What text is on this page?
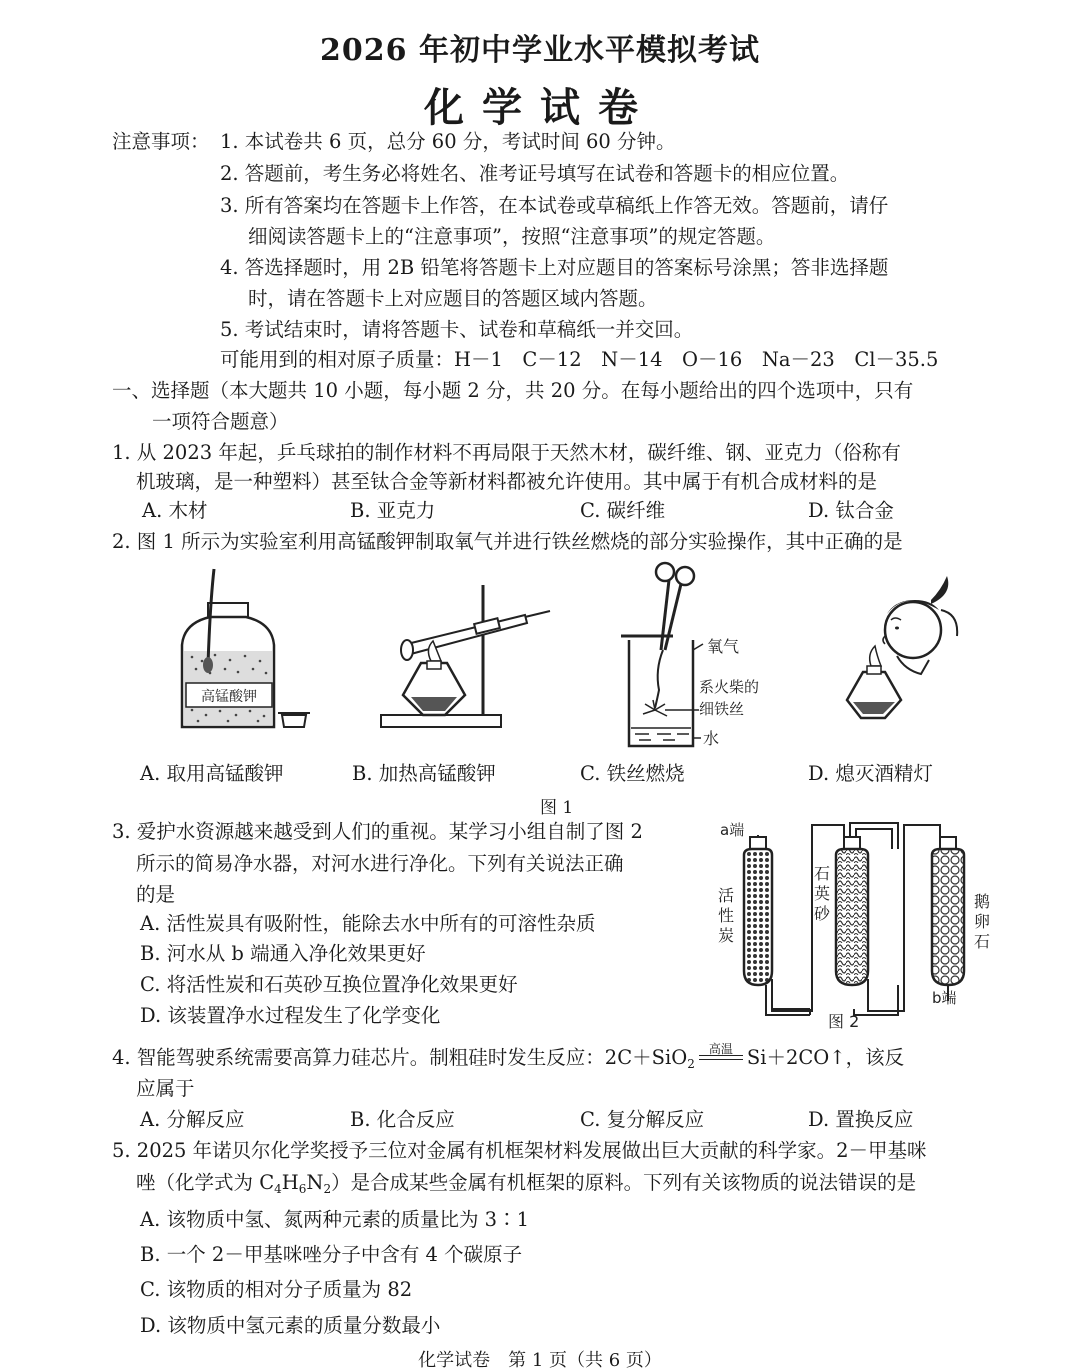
2026 年初中学业水平模拟考试
化学试卷
注意事项： 1. 本试卷共 6 页，总分 60 分，考试时间 60 分钟。
2. 答题前，考生务必将姓名、准考证号填写在试卷和答题卡的相应位置。
3. 所有答案均在答题卡上作答，在本试卷或草稿纸上作答无效。答题前，请仔
细阅读答题卡上的“注意事项”，按照“注意事项”的规定答题。
4. 答选择题时，用 2B 铅笔将答题卡上对应题目的答案标号涂黑；答非选择题
时，请在答题卡上对应题目的答题区域内答题。
5. 考试结束时，请将答题卡、试卷和草稿纸一并交回。
可能用到的相对原子质量：H－1　C－12　N－14　O－16　Na－23　Cl－35.5
一、选择题（本大题共 10 小题，每小题 2 分，共 20 分。在每小题给出的四个选项中，只有
一项符合题意）
1. 从 2023 年起，乒乓球拍的制作材料不再局限于天然木材，碳纤维、钢、亚克力（俗称有
机玻璃，是一种塑料）甚至钛合金等新材料都被允许使用。其中属于有机合成材料的是
A. 木材	B. 亚克力	C. 碳纤维	D. 钛合金
2. 图 1 所示为实验室利用高锰酸钾制取氧气并进行铁丝燃烧的部分实验操作，其中正确的是
高锰酸钾
氧气
系火柴的
细铁丝
水
A. 取用高锰酸钾	B. 加热高锰酸钾	C. 铁丝燃烧	D. 熄灭酒精灯
图 1
3. 爱护水资源越来越受到人们的重视。某学习小组自制了图 2
所示的简易净水器，对河水进行净化。下列有关说法正确
的是
A. 活性炭具有吸附性，能除去水中所有的可溶性杂质
B. 河水从 b 端通入净化效果更好
C. 将活性炭和石英砂互换位置净化效果更好
D. 该装置净水过程发生了化学变化
a端
活
性
炭
石
英
砂
鹅
卵
石
b端
图 2
4. 智能驾驶系统需要高算力硅芯片。制粗硅时发生反应：2C＋SiO$_2$
高温 Si＋2CO↑，该反
应属于
A. 分解反应	B. 化合反应	C. 复分解反应	D. 置换反应
5. 2025 年诺贝尔化学奖授予三位对金属有机框架材料发展做出巨大贡献的科学家。2－甲基咪
唑（化学式为 $C_4H_6N_2$）是合成某些金属有机框架的原料。下列有关该物质的说法错误的是
A. 该物质中氢、氮两种元素的质量比为 3∶1
B. 一个 2－甲基咪唑分子中含有 4 个碳原子
C. 该物质的相对分子质量为 82
D. 该物质中氢元素的质量分数最小
化学试卷　第 1 页（共 6 页）
